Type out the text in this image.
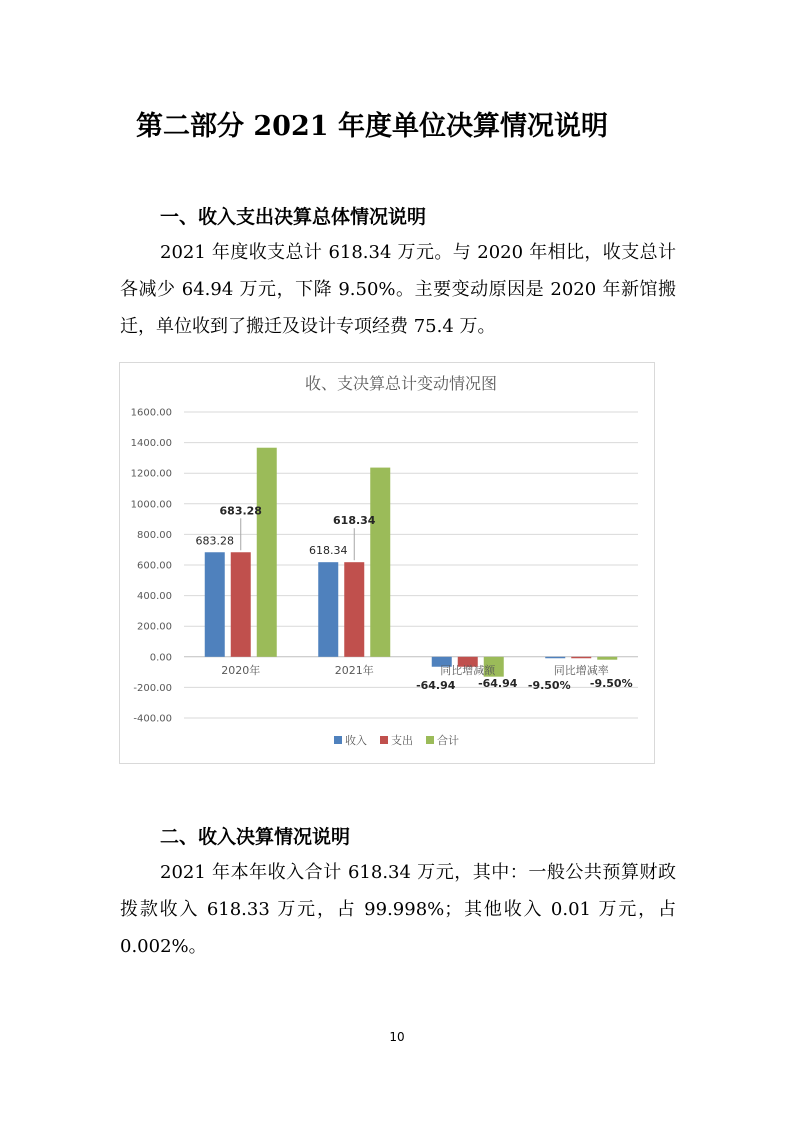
第二部分 2021 年度单位决算情况说明
一、收入支出决算总体情况说明
2021 年度收支总计 618.34 万元。与 2020 年相比，收支总计各减少 64.94 万元，下降 9.50%。主要变动原因是 2020 年新馆搬迁，单位收到了搬迁及设计专项经费 75.4 万。
收、支决算总计变动情况图
1600.00
1400.00
1200.00
1000.00
800.00
600.00
400.00
200.00
0.00
-200.00
-400.00
2020年	2021年	同比增减额	同比增减率
683.28
683.28
618.34
618.34
-64.94 -64.94 -9.50% -9.50%
收入 支出 合计
二、收入决算情况说明
2021 年本年收入合计 618.34 万元，其中：一般公共预算财政拨款收入 618.33 万元，占 99.998%；其他收入 0.01 万元，占 0.002%。
10
